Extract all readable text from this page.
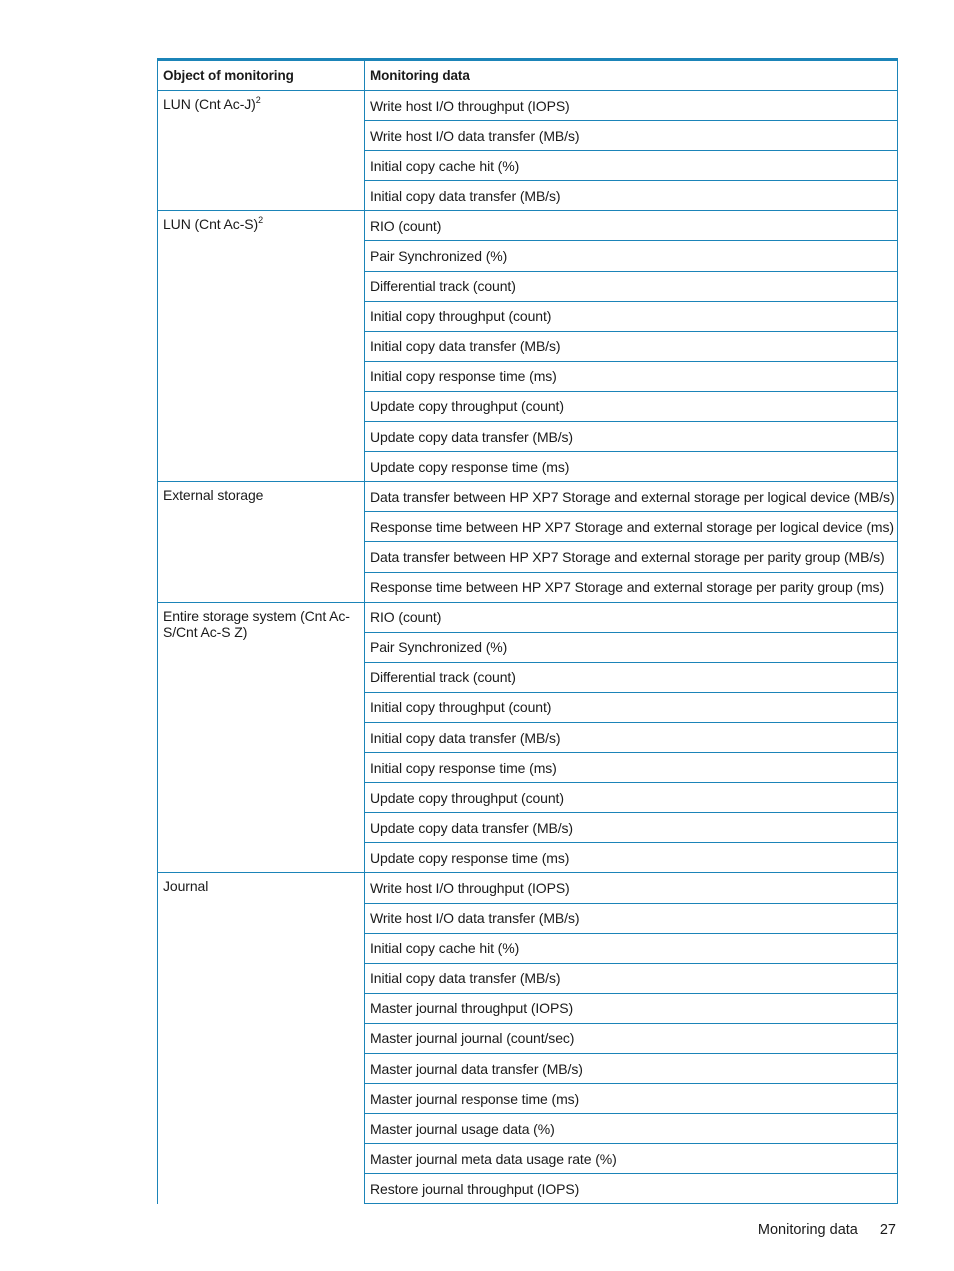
Object of monitoring	Monitoring data
LUN (Cnt Ac-J)$^2$	Write host I/O throughput (IOPS)
	Write host I/O data transfer (MB/s)
	Initial copy cache hit (%)
	Initial copy data transfer (MB/s)
LUN (Cnt Ac-S)$^2$	RIO (count)
	Pair Synchronized (%)
	Differential track (count)
	Initial copy throughput (count)
	Initial copy data transfer (MB/s)
	Initial copy response time (ms)
	Update copy throughput (count)
	Update copy data transfer (MB/s)
	Update copy response time (ms)
External storage	Data transfer between HP XP7 Storage and external storage per logical device (MB/s)
	Response time between HP XP7 Storage and external storage per logical device (ms)
	Data transfer between HP XP7 Storage and external storage per parity group (MB/s)
	Response time between HP XP7 Storage and external storage per parity group (ms)
Entire storage system (Cnt Ac-S/Cnt Ac-S Z)	RIO (count)
	Pair Synchronized (%)
	Differential track (count)
	Initial copy throughput (count)
	Initial copy data transfer (MB/s)
	Initial copy response time (ms)
	Update copy throughput (count)
	Update copy data transfer (MB/s)
	Update copy response time (ms)
Journal	Write host I/O throughput (IOPS)
	Write host I/O data transfer (MB/s)
	Initial copy cache hit (%)
	Initial copy data transfer (MB/s)
	Master journal throughput (IOPS)
	Master journal journal (count/sec)
	Master journal data transfer (MB/s)
	Master journal response time (ms)
	Master journal usage data (%)
	Master journal meta data usage rate (%)
	Restore journal throughput (IOPS)
Monitoring data 27
